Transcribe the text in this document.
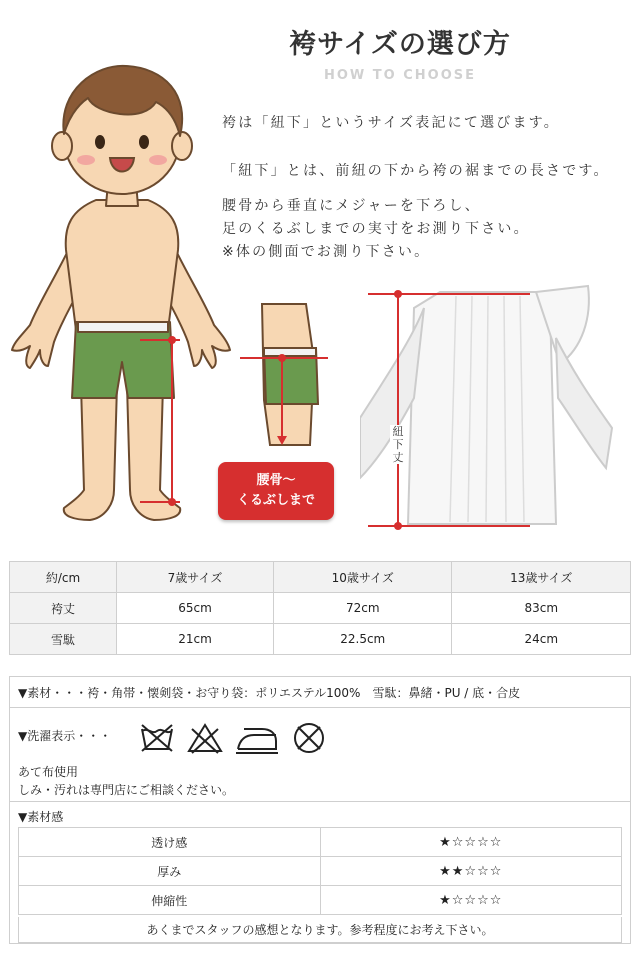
袴サイズの選び方
HOW TO CHOOSE
袴は「紐下」というサイズ表記にて選びます。
「紐下」とは、前紐の下から袴の裾までの長さです。
腰骨から垂直にメジャーを下ろし、
足のくるぶしまでの実寸をお測り下さい。
※体の側面でお測り下さい。
腰骨～
くるぶしまで
紐下丈
約/cm	7歳サイズ	10歳サイズ	13歳サイズ
袴丈	65cm	72cm	83cm
雪駄	21cm	22.5cm	24cm
▼素材・・・袴・角帯・懐剣袋・お守り袋：ポリエステル100%　雪駄：鼻緒・PU / 底・合皮
▼洗濯表示・・・
あて布使用
しみ・汚れは専門店にご相談ください。
▼素材感
透け感	★☆☆☆☆
厚み	★★☆☆☆
伸縮性	★☆☆☆☆
あくまでスタッフの感想となります。参考程度にお考え下さい。
